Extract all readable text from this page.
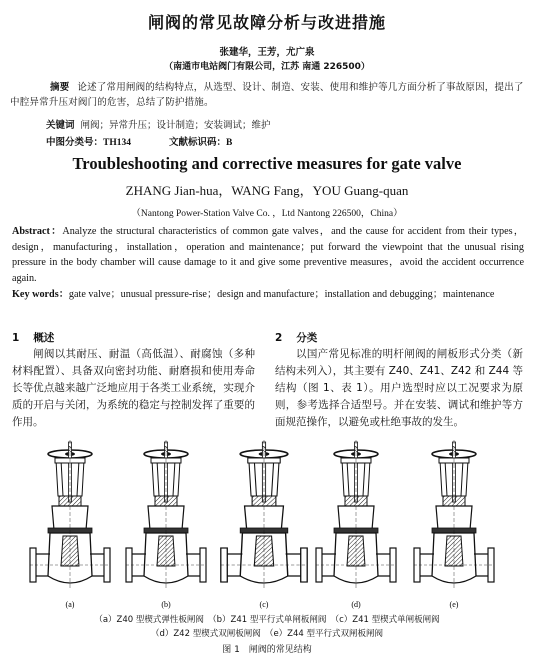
闸阀的常见故障分析与改进措施
张建华，王芳，尤广泉
（南通市电站阀门有限公司，江苏 南通 226500）
摘要 论述了常用闸阀的结构特点，从选型、设计、制造、安装、使用和维护等几方面分析了事故原因，提出了中腔异常升压对阀门的危害，总结了防护措施。
关键词 闸阀；异常升压；设计制造；安装调试；维护
中图分类号：TH134	文献标识码：B
Troubleshooting and corrective measures for gate valve
ZHANG Jian-hua，WANG Fang，YOU Guang-quan
（Nantong Power-Station Valve Co. ，Ltd Nantong 226500，China）
Abstract：Analyze the structural characteristics of common gate valves，and the cause for accident from their types，design，manufacturing，installation，operation and maintenance；put forward the viewpoint that the unusual rising pressure in the body chamber will cause damage to it and give some preventive measures，avoid the accident occurrence again.
Key words：gate valve；unusual pressure-rise；design and manufacture；installation and debugging；maintenance
1 概述	2 分类
闸阀以其耐压、耐温（高低温）、耐腐蚀（多种材料配置）、具备双向密封功能、耐磨损和使用寿命长等优点越来越广泛地应用于各类工业系统，实现介质的开启与关闭，为系统的稳定与控制发挥了重要的作用。
以国产常见标准的明杆闸阀的闸板形式分类（新结构未列入），其主要有 Z40、Z41、Z42 和 Z44 等结构（图 1、表 1）。用户选型时应以工况要求为原则，参考选择合适型号。并在安装、调试和维护等方面规范操作，以避免或杜绝事故的发生。
(a)	(b)	(c)	(d)	(e)
（a）Z40 型楔式弹性板闸阀　（b）Z41 型平行式单闸板闸阀　（c）Z41 型楔式单闸板闸阀
（d）Z42 型楔式双闸板闸阀　（e）Z44 型平行式双闸板闸阀
图 1　闸阀的常见结构
